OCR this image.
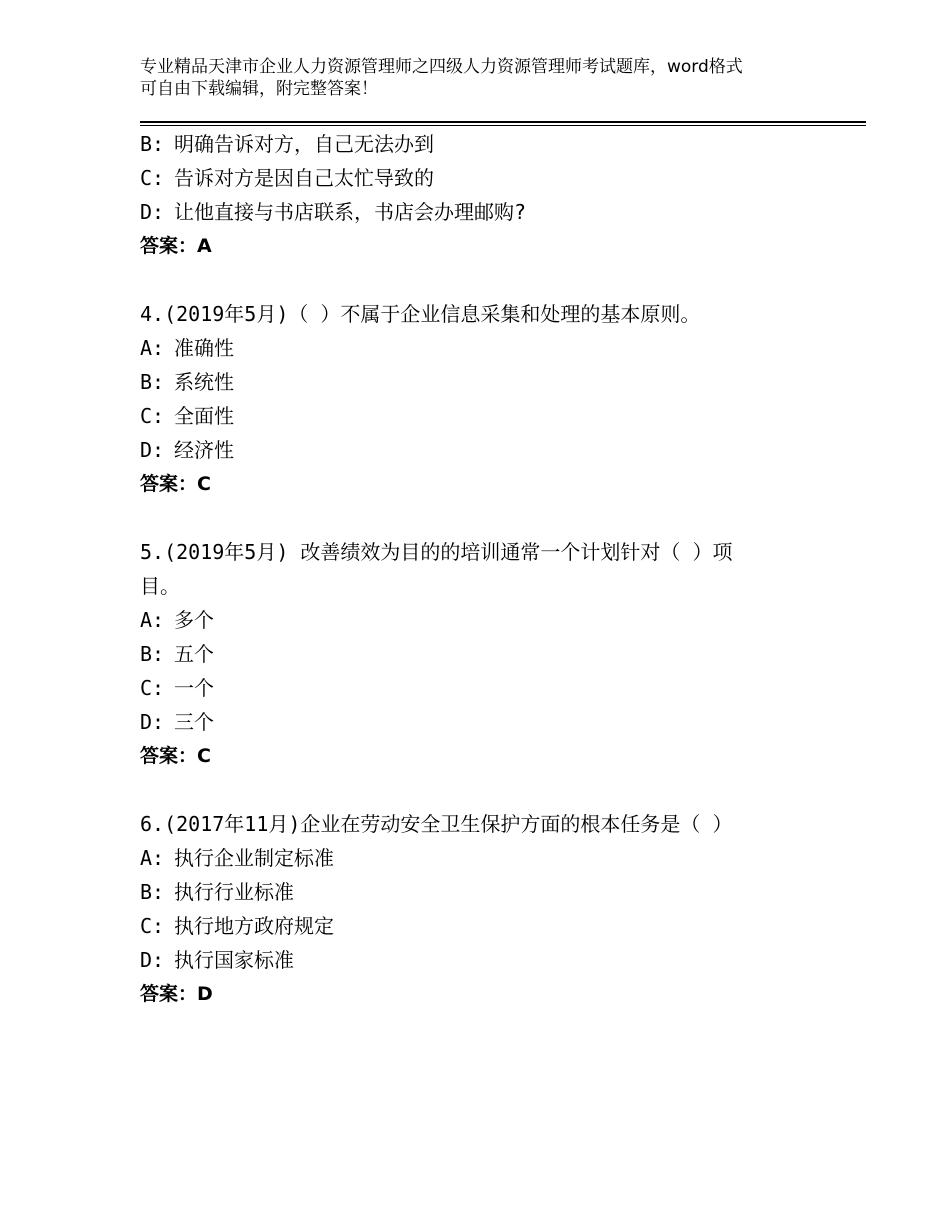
专业精品天津市企业人力资源管理师之四级人力资源管理师考试题库，word格式
可自由下载编辑，附完整答案！
B: 明确告诉对方，自己无法办到
C: 告诉对方是因自己太忙导致的
D: 让他直接与书店联系，书店会办理邮购?
答案：A
4.(2019年5月)（ ）不属于企业信息采集和处理的基本原则。
A: 准确性
B: 系统性
C: 全面性
D: 经济性
答案：C
5.(2019年5月) 改善绩效为目的的培训通常一个计划针对（ ）项
目。
A: 多个
B: 五个
C: 一个
D: 三个
答案：C
6.(2017年11月)企业在劳动安全卫生保护方面的根本任务是（ ）
A: 执行企业制定标准
B: 执行行业标准
C: 执行地方政府规定
D: 执行国家标准
答案：D
